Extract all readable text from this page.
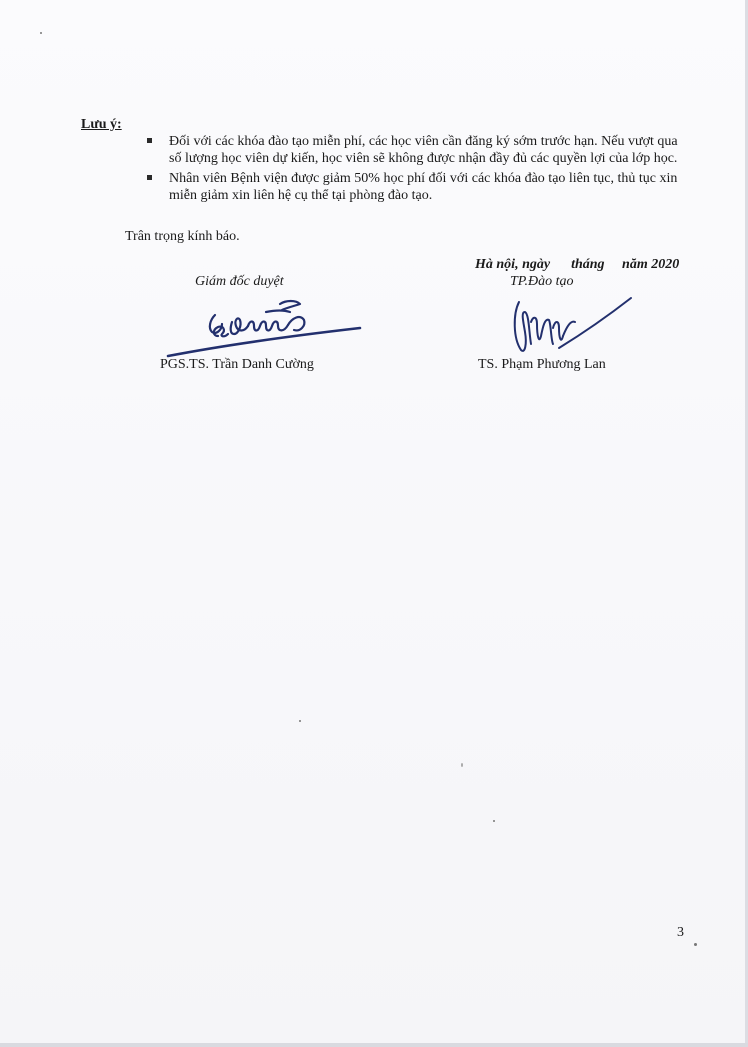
Lưu ý:
Đối với các khóa đào tạo miễn phí, các học viên cần đăng ký sớm trước hạn. Nếu vượt qua số lượng học viên dự kiến, học viên sẽ không được nhận đầy đủ các quyền lợi của lớp học.
Nhân viên Bệnh viện được giảm 50% học phí đối với các khóa đào tạo liên tục, thủ tục xin miễn giảm xin liên hệ cụ thể tại phòng đào tạo.
Trân trọng kính báo.
Hà nội, ngày      tháng     năm 2020
Giám đốc duyệt	TP.Đào tạo
PGS.TS. Trần Danh Cường	TS. Phạm Phương Lan
3
